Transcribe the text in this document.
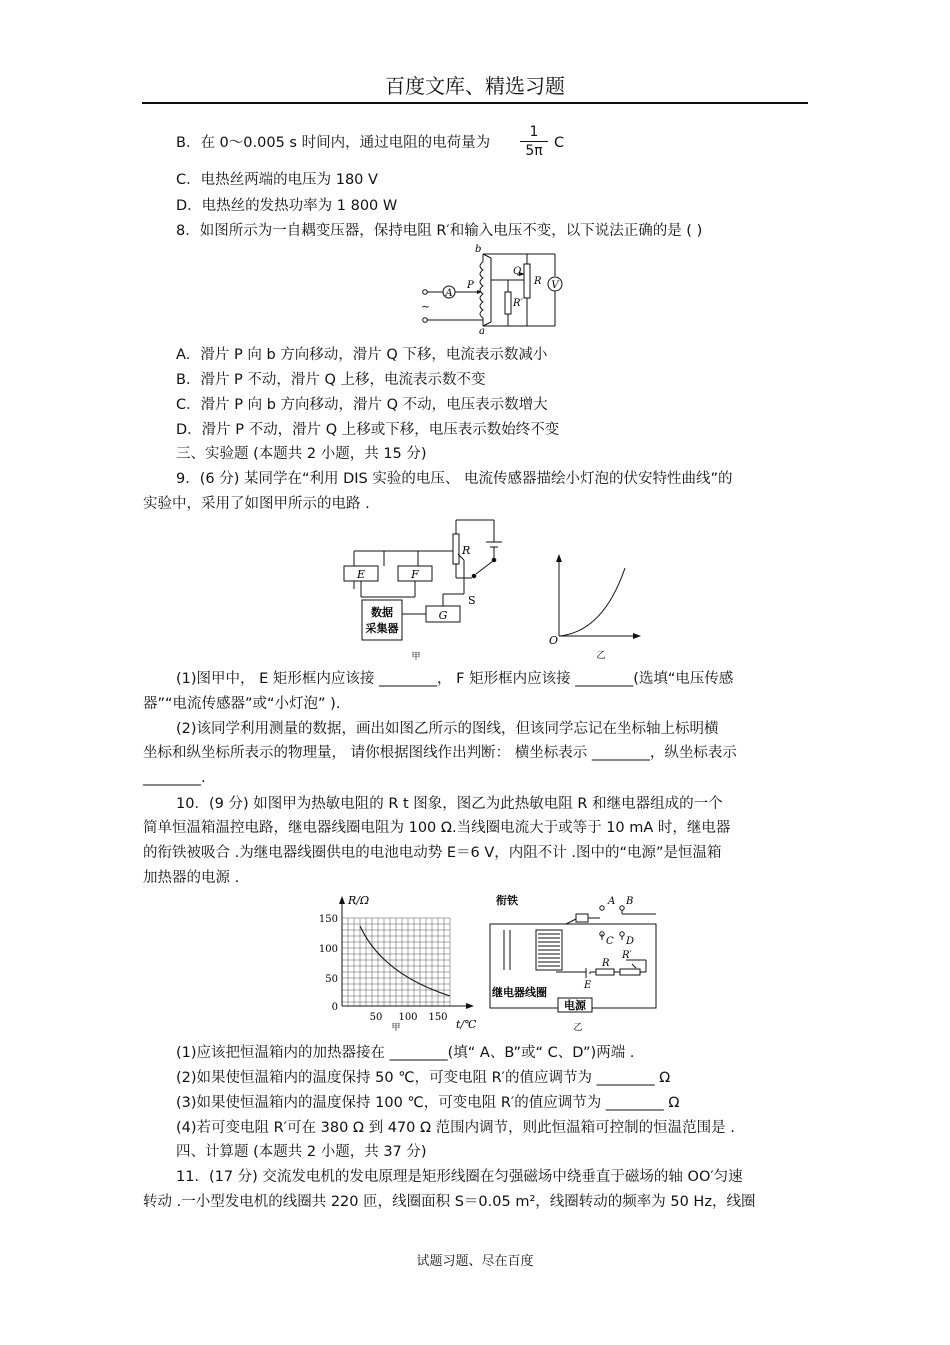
百度文库、精选习题
B．在 0～0.005 s 时间内，通过电阻的电荷量为
1
5π C
C．电热丝两端的电压为 180 V
D．电热丝的发热功率为 1 800 W
8．如图所示为一自耦变压器，保持电阻 R′和输入电压不变，以下说法正确的是 ( )
A
V
~
b
a
P
Q
R
R′
A．滑片 P 向 b 方向移动，滑片 Q 下移，电流表示数减小
B．滑片 P 不动，滑片 Q 上移，电流表示数不变
C．滑片 P 向 b 方向移动，滑片 Q 不动，电压表示数增大
D．滑片 P 不动，滑片 Q 上移或下移，电压表示数始终不变
三、实验题 (本题共 2 小题，共 15 分)
9．(6 分) 某同学在“利用 DIS 实验的电压、 电流传感器描绘小灯泡的伏安特性曲线”的
实验中，采用了如图甲所示的电路 .
E	F
G
R
S
数据
采集器
甲
O
乙
(1)图甲中， E 矩形框内应该接 ________， F 矩形框内应该接 ________(选填“电压传感
器”“电流传感器”或“小灯泡” ).
(2)该同学利用测量的数据，画出如图乙所示的图线，但该同学忘记在坐标轴上标明横
坐标和纵坐标所表示的物理量， 请你根据图线作出判断： 横坐标表示 ________，纵坐标表示
________.
10．(9 分) 如图甲为热敏电阻的 R t 图象，图乙为此热敏电阻 R 和继电器组成的一个
简单恒温箱温控电路，继电器线圈电阻为 100 Ω.当线圈电流大于或等于 10 mA 时，继电器
的衔铁被吸合 .为继电器线圈供电的电池电动势 E＝6 V，内阻不计 .图中的“电源”是恒温箱
加热器的电源 .
R/Ω
t/℃
150
100
50
0
50 100 150
甲
衔铁	A B
C D
E
R
R′
继电器线圈
电源
乙
(1)应该把恒温箱内的加热器接在 ________(填“ A、B”或“ C、D”)两端 .
(2)如果使恒温箱内的温度保持 50 ℃，可变电阻 R′的值应调节为 ________ Ω
(3)如果使恒温箱内的温度保持 100 ℃，可变电阻 R′的值应调节为 ________ Ω
(4)若可变电阻 R′可在 380 Ω 到 470 Ω 范围内调节，则此恒温箱可控制的恒温范围是 .
四、计算题 (本题共 2 小题，共 37 分)
11．(17 分) 交流发电机的发电原理是矩形线圈在匀强磁场中绕垂直于磁场的轴 OO′匀速
转动 .一小型发电机的线圈共 220 匝，线圈面积 S＝0.05 m²，线圈转动的频率为 50 Hz，线圈
试题习题、尽在百度
